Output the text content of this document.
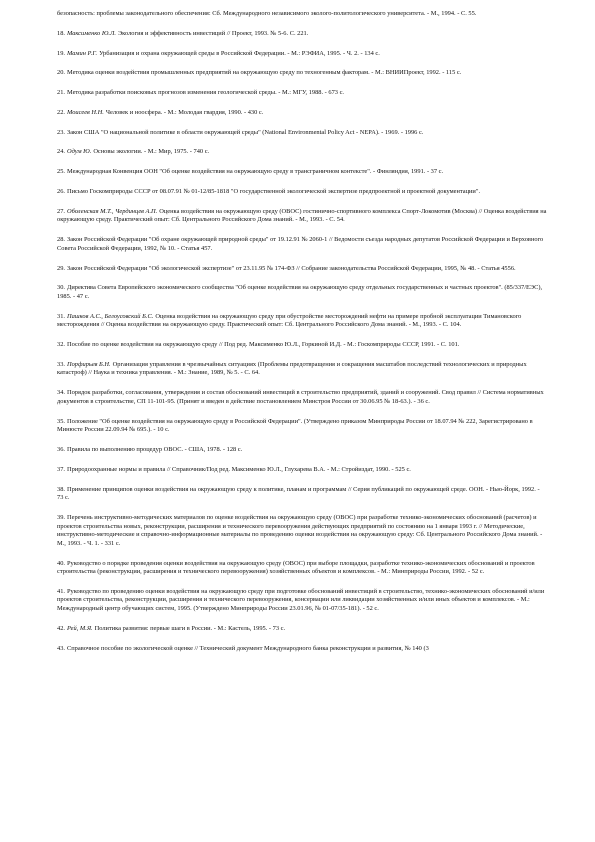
безопасность: проблемы законодательного обеспечения: Сб. Международного независимого эколого-политологического университета. - М., 1994. - С. 55.
18. Максименко Ю.Л. Экология и эффективность инвестиций // Проект, 1993. № 5-6. С. 221.
19. Мамин Р.Г. Урбанизация и охрана окружающей среды в Российской Федерации. - М.: РЭФИА, 1995. - Ч. 2. - 134 с.
20. Методика оценки воздействия промышленных предприятий на окружающую среду по техногенным факторам. - М.: ВНИИПроект, 1992. - 115 с.
21. Методика разработки поисковых прогнозов изменения геологической среды. - М.: МГУ, 1988. - 673 с.
22. Моисеев Н.Н. Человек и ноосфера. - М.: Молодая гвардия, 1990. - 430 с.
23. Закон США "О национальной политике в области окружающей среды" (National Environmental Policy Act - NEPA). - 1969. - 1996 с.
24. Одум Ю. Основы экологии. - М.: Мир, 1975. - 740 с.
25. Международная Конвенция ООН "Об оценке воздействия на окружающую среду в трансграничном контексте". - Финляндия, 1991. - 37 с.
26. Письмо Госкомприроды СССР от 08.07.91 № 01-12/85-1818 "О государственной экологической экспертизе предпроектной и проектной документации".
27. Оболенская М.Т., Чердинцев А.П. Оценка воздействия на окружающую среду (ОВОС) гостинично-спортивного комплекса Спорт-Локомотив (Москва) // Оценка воздействия на окружающую среду. Практический опыт: Сб. Центрального Российского Дома знаний. - М., 1993. - С. 54.
28. Закон Российской Федерации "Об охране окружающей природной среды" от 19.12.91 № 2060-1 // Ведомости съезда народных депутатов Российской Федерации и Верховного Совета Российской Федерации, 1992, № 10. - Статья 457.
29. Закон Российской Федерации "Об экологической экспертизе" от 23.11.95 № 174-ФЗ // Собрание законодательства Российской Федерации, 1995, № 48. - Статья 4556.
30. Директива Совета Европейского экономического сообщества "Об оценке воздействия на окружающую среду отдельных государственных и частных проектов". (85/337/ЕЭС), 1985. - 47 с.
31. Пашков А.С., Белоусовский Б.С. Оценка воздействия на окружающую среду при обустройстве месторождений нефти на примере пробной эксплуатации Тимановского месторождения // Оценка воздействия на окружающую среду. Практический опыт: Сб. Центрального Российского Дома знаний. - М., 1993. - С. 104.
32. Пособие по оценке воздействия на окружающую среду // Под ред. Максименко Ю.Л., Горкиной И.Д. - М.: Госкомприроды СССР, 1991. - С. 101.
33. Порфирьев Б.Н. Организация управления в чрезвычайных ситуациях (Проблемы предотвращения и сокращения масштабов последствий технологических и природных катастроф) // Наука и техника управления. - М.: Знание, 1989, № 5. - С. 64.
34. Порядок разработки, согласования, утверждения и состав обоснований инвестиций в строительство предприятий, зданий и сооружений. Свод правил // Система нормативных документов в строительстве, СП 11-101-95. (Принят и введен в действие постановлением Минстроя России от 30.06.95 № 18-63.). - 36 с.
35. Положение "Об оценке воздействия на окружающую среду в Российской Федерации". (Утверждено приказом Минприроды России от 18.07.94 № 222, Зарегистрировано в Минюсте России 22.09.94 № 695.). - 10 с.
36. Правила по выполнению процедур ОВОС. - США, 1978. - 128 с.
37. Природоохранные нормы и правила // Справочник/Под ред. Максименко Ю.Л., Глухарева В.А. - М.: Стройиздат, 1990. - 525 с.
38. Применение принципов оценки воздействия на окружающую среду к политике, планам и программам // Серия публикаций по окружающей среде. ООН. - Нью-Йорк, 1992. - 73 с.
39. Перечень инструктивно-методических материалов по оценке воздействия на окружающую среду (ОВОС) при разработке технико-экономических обоснований (расчетов) и проектов строительства новых, реконструкции, расширения и технического перевооружения действующих предприятий по состоянию на 1 января 1993 г. // Методические, инструктивно-методические и справочно-информационные материалы по проведению оценки воздействия на окружающую среду: Сб. Центрального Российского Дома знаний. - М., 1993. - Ч. 1. - 331 с.
40. Руководство о порядке проведения оценки воздействия на окружающую среду (ОВОС) при выборе площадки, разработке технико-экономических обоснований и проектов строительства (реконструкции, расширения и технического перевооружения) хозяйственных объектов и комплексов. - М.: Минприроды России, 1992. - 52 с.
41. Руководство по проведению оценки воздействия на окружающую среду при подготовке обоснований инвестиций в строительство, технико-экономических обоснований и/или проектов строительства, реконструкции, расширения и технического перевооружения, консервации или ликвидации хозяйственных и/или иных объектов и комплексов. - М.: Международный центр обучающих систем, 1995. (Утверждено Минприроды России 23.01.96, № 01-07/35-181). - 52 с.
42. Рей, М.Я. Политика развития: первые шаги в России. - М.: Кастель, 1995. - 73 с.
43. Справочное пособие по экологической оценке // Технический документ Международного банка реконструкции и развития, № 140 (3
